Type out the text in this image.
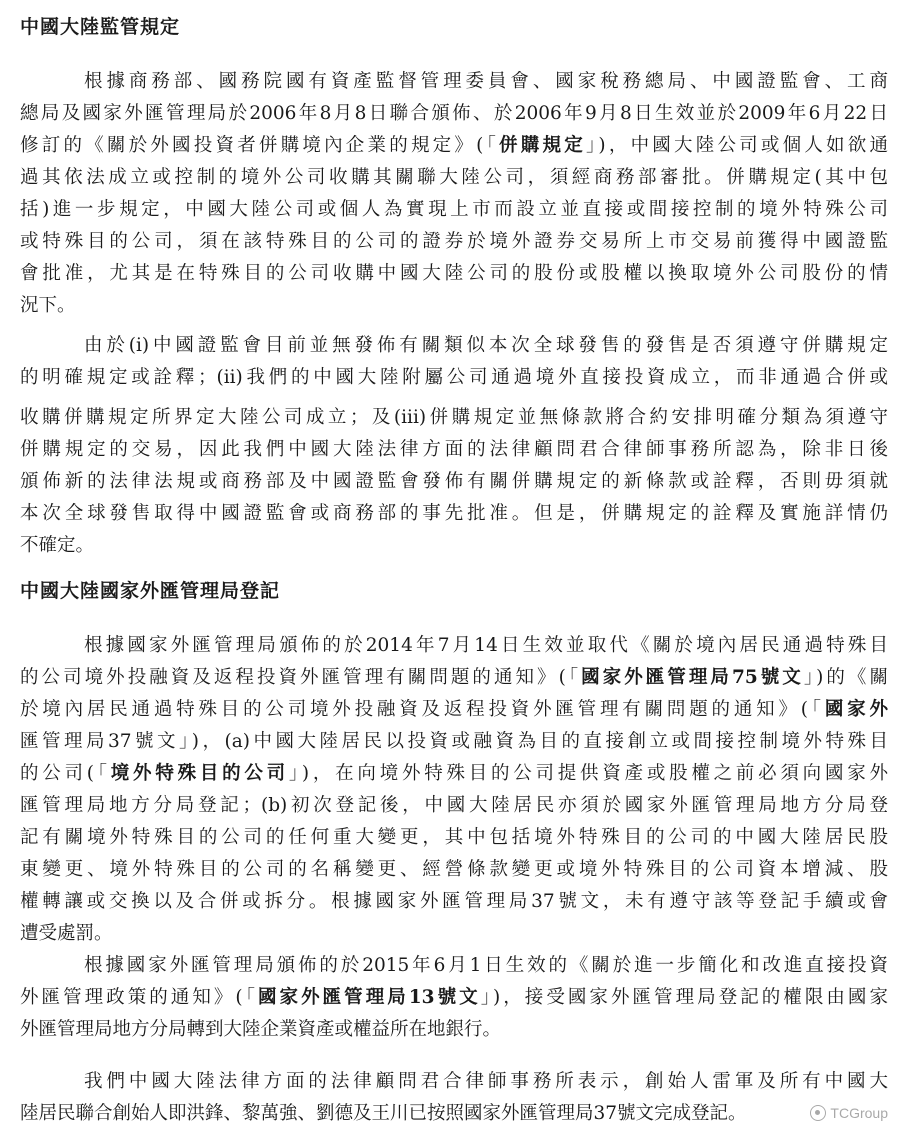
中國大陸監管規定
根據商務部、國務院國有資產監督管理委員會、國家稅務總局、中國證監會、工商
總局及國家外匯管理局於2006年8月8日聯合頒佈、於2006年9月8日生效並於2009年6月22日
修訂的《關於外國投資者併購境內企業的規定》(「併購規定」)，中國大陸公司或個人如欲通
過其依法成立或控制的境外公司收購其關聯大陸公司，須經商務部審批。併購規定(其中包
括)進一步規定，中國大陸公司或個人為實現上市而設立並直接或間接控制的境外特殊公司
或特殊目的公司，須在該特殊目的公司的證券於境外證券交易所上市交易前獲得中國證監
會批准，尤其是在特殊目的公司收購中國大陸公司的股份或股權以換取境外公司股份的情
況下。
由於(i)中國證監會目前並無發佈有關類似本次全球發售的發售是否須遵守併購規定
的明確規定或詮釋；(ii)我們的中國大陸附屬公司通過境外直接投資成立，而非通過合併或
收購併購規定所界定大陸公司成立；及(iii)併購規定並無條款將合約安排明確分類為須遵守
併購規定的交易，因此我們中國大陸法律方面的法律顧問君合律師事務所認為，除非日後
頒佈新的法律法規或商務部及中國證監會發佈有關併購規定的新條款或詮釋，否則毋須就
本次全球發售取得中國證監會或商務部的事先批准。但是，併購規定的詮釋及實施詳情仍
不確定。
中國大陸國家外匯管理局登記
根據國家外匯管理局頒佈的於2014年7月14日生效並取代《關於境內居民通過特殊目
的公司境外投融資及返程投資外匯管理有關問題的通知》(「國家外匯管理局75號文」)的《關
於境內居民通過特殊目的公司境外投融資及返程投資外匯管理有關問題的通知》(「國家外
匯管理局37號文」)，(a)中國大陸居民以投資或融資為目的直接創立或間接控制境外特殊目
的公司(「境外特殊目的公司」)，在向境外特殊目的公司提供資產或股權之前必須向國家外
匯管理局地方分局登記；(b)初次登記後，中國大陸居民亦須於國家外匯管理局地方分局登
記有關境外特殊目的公司的任何重大變更，其中包括境外特殊目的公司的中國大陸居民股
東變更、境外特殊目的公司的名稱變更、經營條款變更或境外特殊目的公司資本增減、股
權轉讓或交換以及合併或拆分。根據國家外匯管理局37號文，未有遵守該等登記手續或會
遭受處罰。
根據國家外匯管理局頒佈的於2015年6月1日生效的《關於進一步簡化和改進直接投資
外匯管理政策的通知》(「國家外匯管理局13號文」)，接受國家外匯管理局登記的權限由國家
外匯管理局地方分局轉到大陸企業資產或權益所在地銀行。
我們中國大陸法律方面的法律顧問君合律師事務所表示，創始人雷軍及所有中國大
陸居民聯合創始人即洪鋒、黎萬強、劉德及王川已按照國家外匯管理局37號文完成登記。	TCGroup
